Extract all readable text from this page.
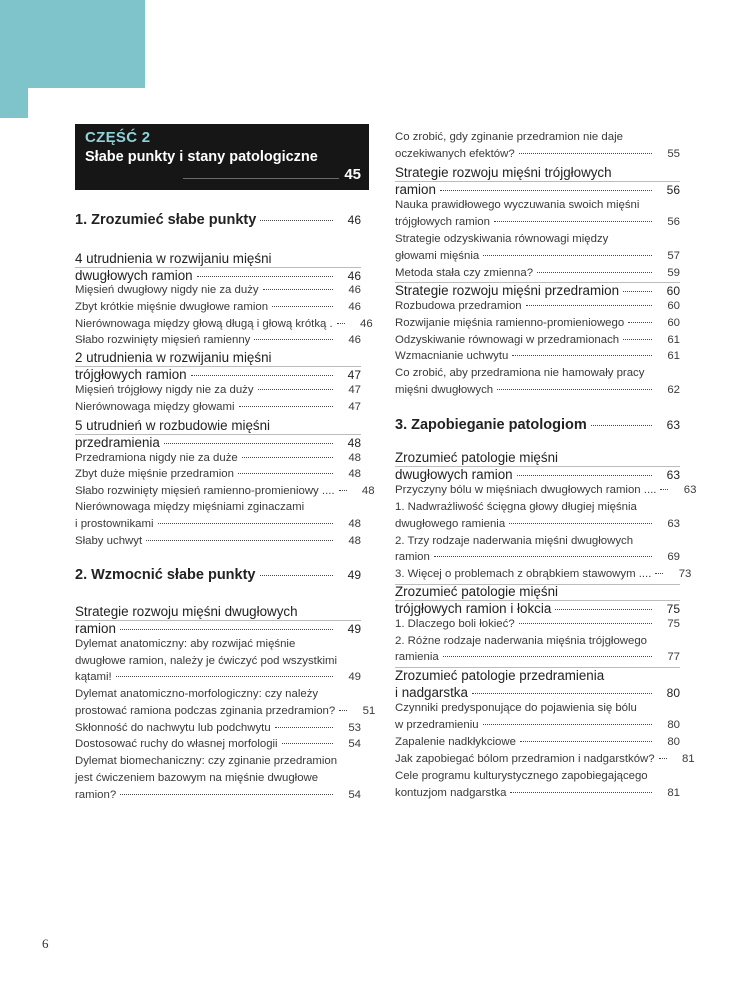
CZĘŚĆ 2
Słabe punkty i stany patologiczne
45
1. Zrozumieć słabe punkty	46
4 utrudnienia w rozwijaniu mięśni
dwugłowych ramion	46
Mięsień dwugłowy nigdy nie za duży	46
Zbyt krótkie mięśnie dwugłowe ramion	46
Nierównowaga między głową długą i głową krótką .	46
Słabo rozwinięty mięsień ramienny	46
2 utrudnienia w rozwijaniu mięśni
trójgłowych ramion	47
Mięsień trójgłowy nigdy nie za duży	47
Nierównowaga między głowami	47
5 utrudnień w rozbudowie mięśni
przedramienia	48
Przedramiona nigdy nie za duże	48
Zbyt duże mięśnie przedramion	48
Słabo rozwinięty mięsień ramienno-promieniowy ....	48
Nierównowaga między mięśniami zginaczami
i prostownikami	48
Słaby uchwyt	48
2. Wzmocnić słabe punkty	49
Strategie rozwoju mięśni dwugłowych
ramion	49
Dylemat anatomiczny: aby rozwijać mięśnie
dwugłowe ramion, należy je ćwiczyć pod wszystkimi
kątami!	49
Dylemat anatomiczno-morfologiczny: czy należy
prostować ramiona podczas zginania przedramion?	51
Skłonność do nachwytu lub podchwytu	53
Dostosować ruchy do własnej morfologii	54
Dylemat biomechaniczny: czy zginanie przedramion
jest ćwiczeniem bazowym na mięśnie dwugłowe
ramion?	54
Co zrobić, gdy zginanie przedramion nie daje
oczekiwanych efektów?	55
Strategie rozwoju mięśni trójgłowych
ramion	56
Nauka prawidłowego wyczuwania swoich mięśni
trójgłowych ramion	56
Strategie odzyskiwania równowagi między
głowami mięśnia	57
Metoda stała czy zmienna?	59
Strategie rozwoju mięśni przedramion	60
Rozbudowa przedramion	60
Rozwijanie mięśnia ramienno-promieniowego	60
Odzyskiwanie równowagi w przedramionach	61
Wzmacnianie uchwytu	61
Co zrobić, aby przedramiona nie hamowały pracy
mięśni dwugłowych	62
3. Zapobieganie patologiom	63
Zrozumieć patologie mięśni
dwugłowych ramion	63
Przyczyny bólu w mięśniach dwugłowych ramion ....	63
1. Nadwrażliwość ścięgna głowy długiej mięśnia
dwugłowego ramienia	63
2. Trzy rodzaje naderwania mięśni dwugłowych
ramion	69
3. Więcej o problemach z obrąbkiem stawowym ....	73
Zrozumieć patologie mięśni
trójgłowych ramion i łokcia	75
1. Dlaczego boli łokieć?	75
2. Różne rodzaje naderwania mięśnia trójgłowego
ramienia	77
Zrozumieć patologie przedramienia
i nadgarstka	80
Czynniki predysponujące do pojawienia się bólu
w przedramieniu	80
Zapalenie nadkłykciowe	80
Jak zapobiegać bólom przedramion i nadgarstków?	81
Cele programu kulturystycznego zapobiegającego
kontuzjom nadgarstka	81
6
